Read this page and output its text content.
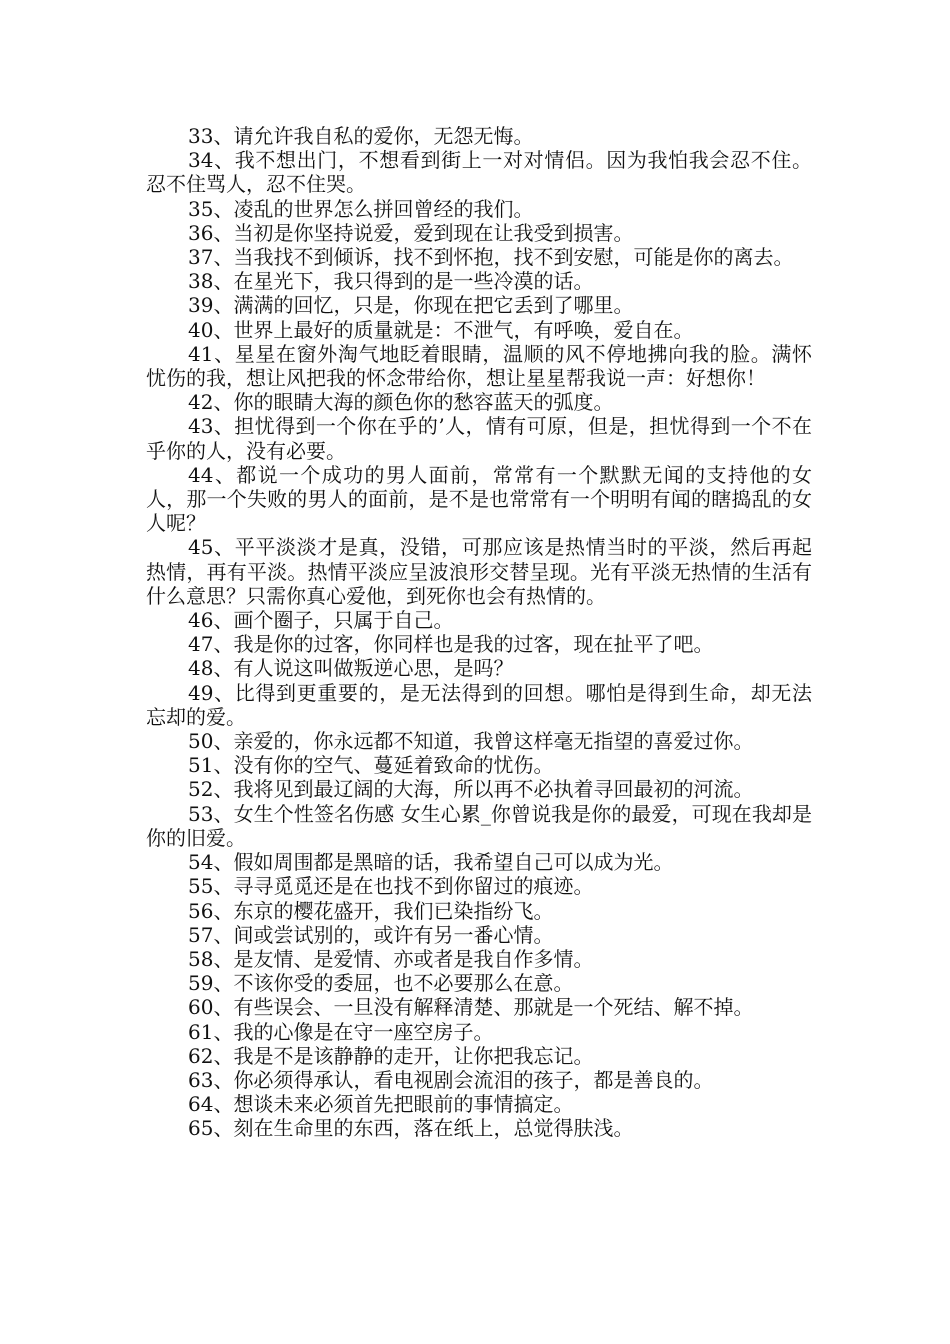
33、请允许我自私的爱你，无怨无悔。

34、我不想出门，不想看到街上一对对情侣。因为我怕我会忍不住。忍不住骂人，忍不住哭。

35、凌乱的世界怎么拼回曾经的我们。

36、当初是你坚持说爱，爱到现在让我受到损害。

37、当我找不到倾诉，找不到怀抱，找不到安慰，可能是你的离去。

38、在星光下，我只得到的是一些冷漠的话。

39、满满的回忆，只是，你现在把它丢到了哪里。

40、世界上最好的质量就是：不泄气，有呼唤，爱自在。

41、星星在窗外淘气地眨着眼睛，温顺的风不停地拂向我的脸。满怀忧伤的我，想让风把我的怀念带给你，想让星星帮我说一声：好想你！

42、你的眼睛大海的颜色你的愁容蓝天的弧度。

43、担忧得到一个你在乎的’人，情有可原，但是，担忧得到一个不在乎你的人，没有必要。

44、都说一个成功的男人面前，常常有一个默默无闻的支持他的女人，那一个失败的男人的面前，是不是也常常有一个明明有闻的瞎捣乱的女人呢？

45、平平淡淡才是真，没错，可那应该是热情当时的平淡，然后再起热情，再有平淡。热情平淡应呈波浪形交替呈现。光有平淡无热情的生活有什么意思？只需你真心爱他，到死你也会有热情的。

46、画个圈子，只属于自己。

47、我是你的过客，你同样也是我的过客，现在扯平了吧。

48、有人说这叫做叛逆心思，是吗？

49、比得到更重要的，是无法得到的回想。哪怕是得到生命，却无法忘却的爱。

50、亲爱的，你永远都不知道，我曾这样毫无指望的喜爱过你。

51、没有你的空气、蔓延着致命的忧伤。

52、我将见到最辽阔的大海，所以再不必执着寻回最初的河流。

53、女生个性签名伤感 女生心累_你曾说我是你的最爱，可现在我却是你的旧爱。

54、假如周围都是黑暗的话，我希望自己可以成为光。

55、寻寻觅觅还是在也找不到你留过的痕迹。

56、东京的樱花盛开，我们已染指纷飞。

57、间或尝试别的，或许有另一番心情。

58、是友情、是爱情、亦或者是我自作多情。

59、不该你受的委屈，也不必要那么在意。

60、有些误会、一旦没有解释清楚、那就是一个死结、解不掉。

61、我的心像是在守一座空房子。

62、我是不是该静静的走开，让你把我忘记。

63、你必须得承认，看电视剧会流泪的孩子，都是善良的。

64、想谈未来必须首先把眼前的事情搞定。

65、刻在生命里的东西，落在纸上，总觉得肤浅。
